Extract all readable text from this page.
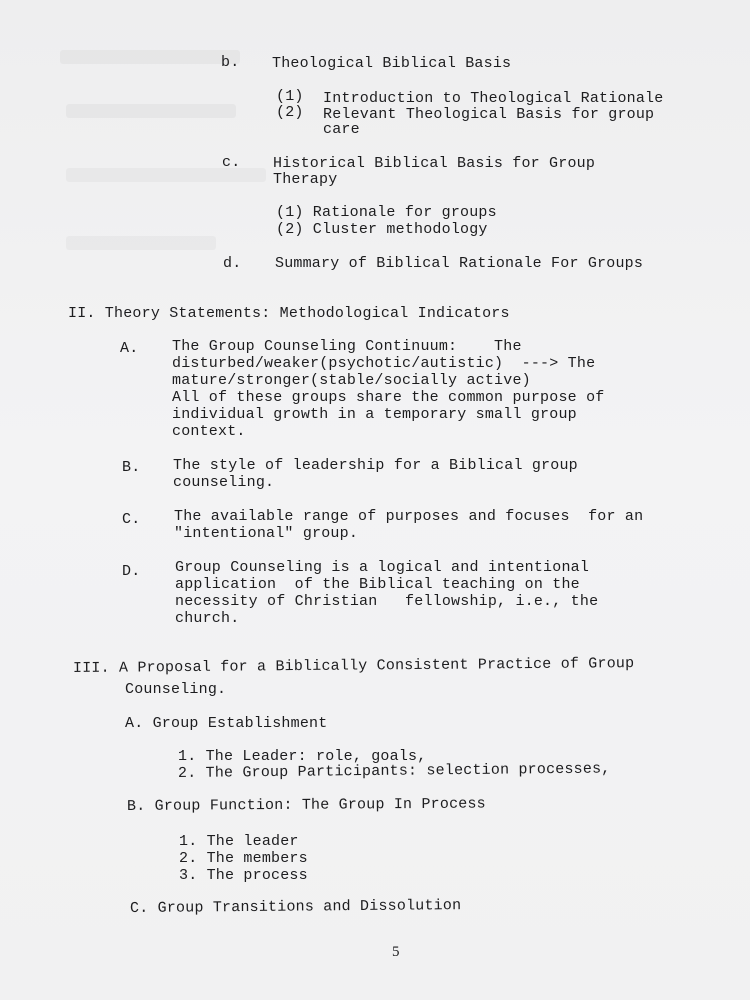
b. Theological Biblical Basis
(1) Introduction to Theological Rationale
(2) Relevant Theological Basis for group
care
c. Historical Biblical Basis for Group
Therapy
(1) Rationale for groups
(2) Cluster methodology
d. Summary of Biblical Rationale For Groups
II. Theory Statements: Methodological Indicators
A. The Group Counseling Continuum:    The
disturbed/weaker(psychotic/autistic)  ---> The
mature/stronger(stable/socially active)
All of these groups share the common purpose of
individual growth in a temporary small group
context.
B. The style of leadership for a Biblical group
counseling.
C. The available range of purposes and focuses  for an
"intentional" group.
D. Group Counseling is a logical and intentional
application  of the Biblical teaching on the
necessity of Christian   fellowship, i.e., the
church.
III. A Proposal for a Biblically Consistent Practice of Group
Counseling.
A. Group Establishment
1. The Leader: role, goals,
2. The Group Participants: selection processes,
B. Group Function: The Group In Process
1. The leader
2. The members
3. The process
C. Group Transitions and Dissolution
5
